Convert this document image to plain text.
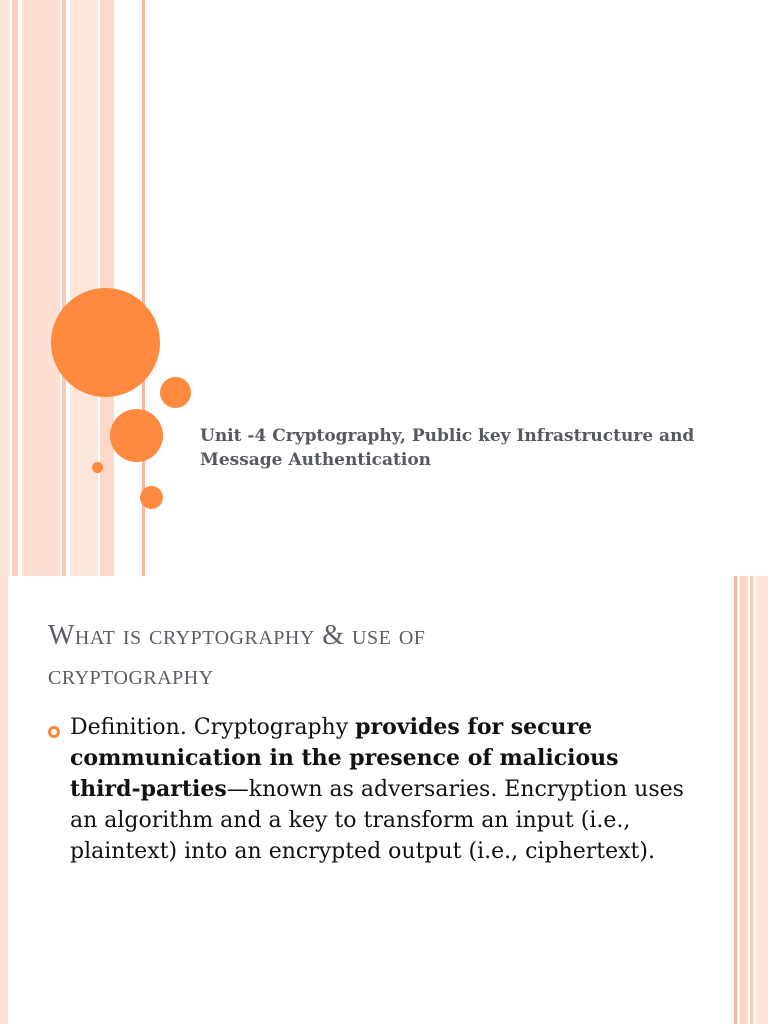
Unit -4 Cryptography, Public key Infrastructure and Message Authentication
What is cryptography & use of
cryptography
Definition. Cryptography provides for secure communication in the presence of malicious third-parties—known as adversaries. Encryption uses an algorithm and a key to transform an input (i.e., plaintext) into an encrypted output (i.e., ciphertext).
